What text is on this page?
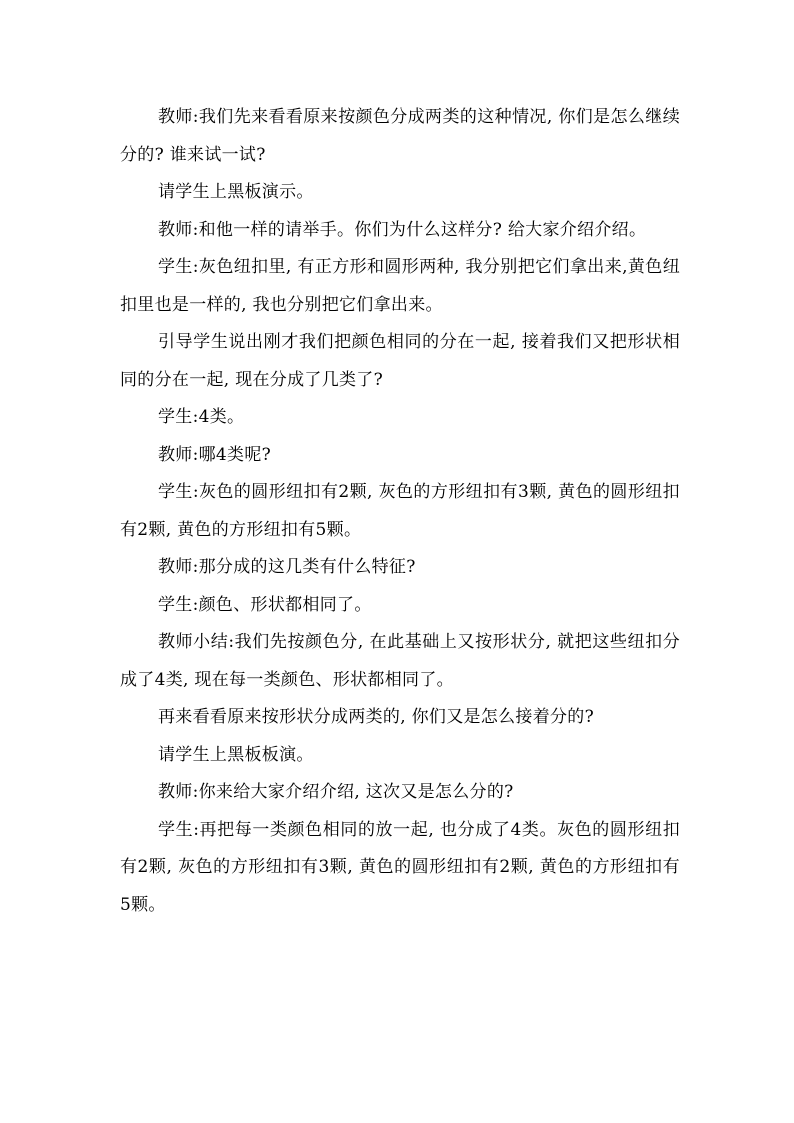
教师:我们先来看看原来按颜色分成两类的这种情况, 你们是怎么继续分的? 谁来试一试?

请学生上黑板演示。

教师:和他一样的请举手。你们为什么这样分? 给大家介绍介绍。

学生:灰色纽扣里, 有正方形和圆形两种, 我分别把它们拿出来,黄色纽扣里也是一样的, 我也分别把它们拿出来。

引导学生说出刚才我们把颜色相同的分在一起, 接着我们又把形状相同的分在一起, 现在分成了几类了?

学生:4类。

教师:哪4类呢?

学生:灰色的圆形纽扣有2颗, 灰色的方形纽扣有3颗, 黄色的圆形纽扣有2颗, 黄色的方形纽扣有5颗。

教师:那分成的这几类有什么特征?

学生:颜色、形状都相同了。

教师小结:我们先按颜色分, 在此基础上又按形状分, 就把这些纽扣分成了4类, 现在每一类颜色、形状都相同了。

再来看看原来按形状分成两类的, 你们又是怎么接着分的?

请学生上黑板板演。

教师:你来给大家介绍介绍, 这次又是怎么分的?

学生:再把每一类颜色相同的放一起, 也分成了4类。灰色的圆形纽扣有2颗, 灰色的方形纽扣有3颗, 黄色的圆形纽扣有2颗, 黄色的方形纽扣有5颗。
